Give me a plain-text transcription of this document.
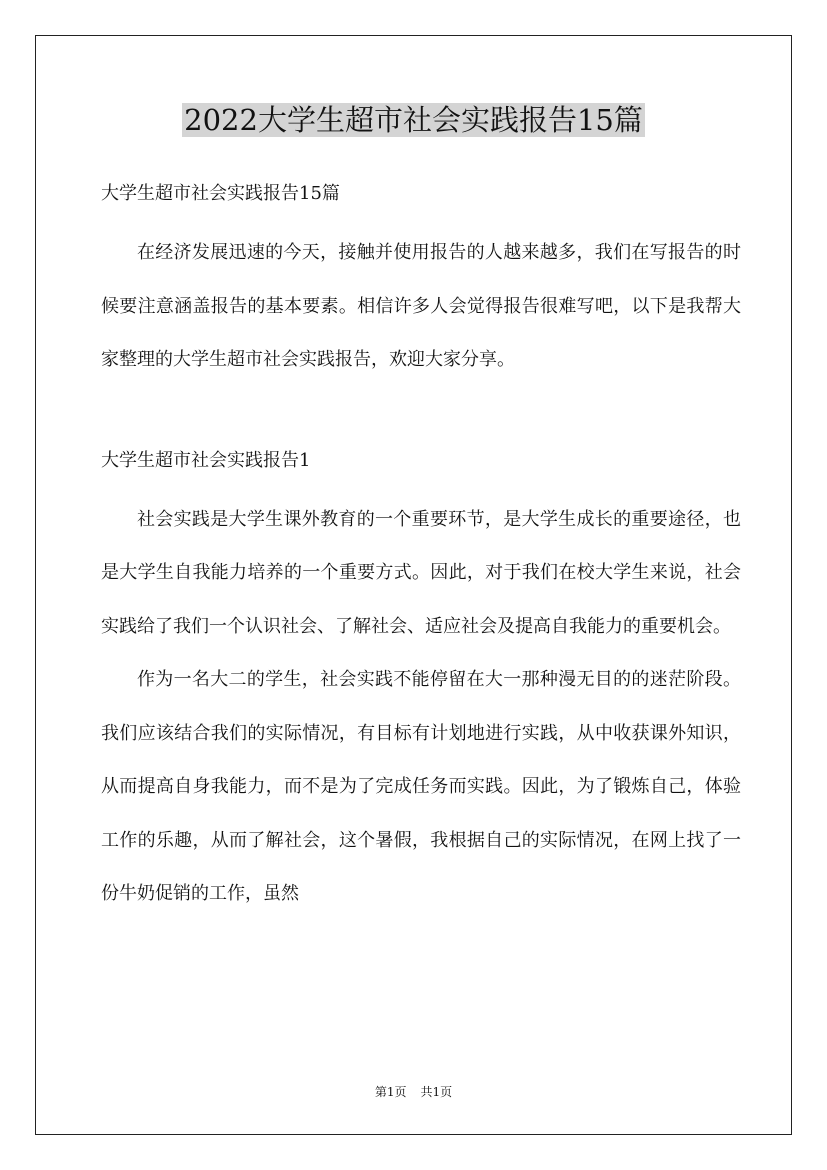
2022大学生超市社会实践报告15篇

大学生超市社会实践报告15篇

在经济发展迅速的今天，接触并使用报告的人越来越多，我们在写报告的时候要注意涵盖报告的基本要素。相信许多人会觉得报告很难写吧，以下是我帮大家整理的大学生超市社会实践报告，欢迎大家分享。

大学生超市社会实践报告1

社会实践是大学生课外教育的一个重要环节，是大学生成长的重要途径，也是大学生自我能力培养的一个重要方式。因此，对于我们在校大学生来说，社会实践给了我们一个认识社会、了解社会、适应社会及提高自我能力的重要机会。

作为一名大二的学生，社会实践不能停留在大一那种漫无目的的迷茫阶段。我们应该结合我们的实际情况，有目标有计划地进行实践，从中收获课外知识，从而提高自身我能力，而不是为了完成任务而实践。因此，为了锻炼自己，体验工作的乐趣，从而了解社会，这个暑假，我根据自己的实际情况，在网上找了一份牛奶促销的工作，虽然

第1页 共1页
